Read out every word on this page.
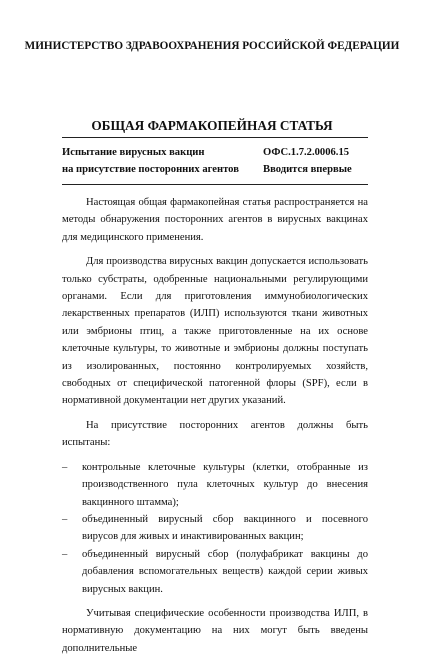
МИНИСТЕРСТВО ЗДРАВООХРАНЕНИЯ РОССИЙСКОЙ ФЕДЕРАЦИИ
ОБЩАЯ ФАРМАКОПЕЙНАЯ СТАТЬЯ
Испытание вирусных вакцин
на присутствие посторонних агентов
ОФС.1.7.2.0006.15
Вводится впервые

Настоящая общая фармакопейная статья распространяется на методы обнаружения посторонних агентов в вирусных вакцинах для медицинского применения.

Для производства вирусных вакцин допускается использовать только субстраты, одобренные национальными регулирующими органами. Если для приготовления иммунобиологических лекарственных препаратов (ИЛП) используются ткани животных или эмбрионы птиц, а также приготовленные на их основе клеточные культуры, то животные и эмбрионы должны поступать из изолированных, постоянно контролируемых хозяйств, свободных от специфической патогенной флоры (SPF), если в нормативной документации нет других указаний.

На присутствие посторонних агентов должны быть испытаны:

– контрольные клеточные культуры (клетки, отобранные из производственного пула клеточных культур до внесения вакцинного штамма);
– объединенный вирусный сбор вакцинного и посевного вирусов для живых и инактивированных вакцин;
– объединенный вирусный сбор (полуфабрикат вакцины до добавления вспомогательных веществ) каждой серии живых вирусных вакцин.

Учитывая специфические особенности производства ИЛП, в нормативную документацию на них могут быть введены дополнительные
